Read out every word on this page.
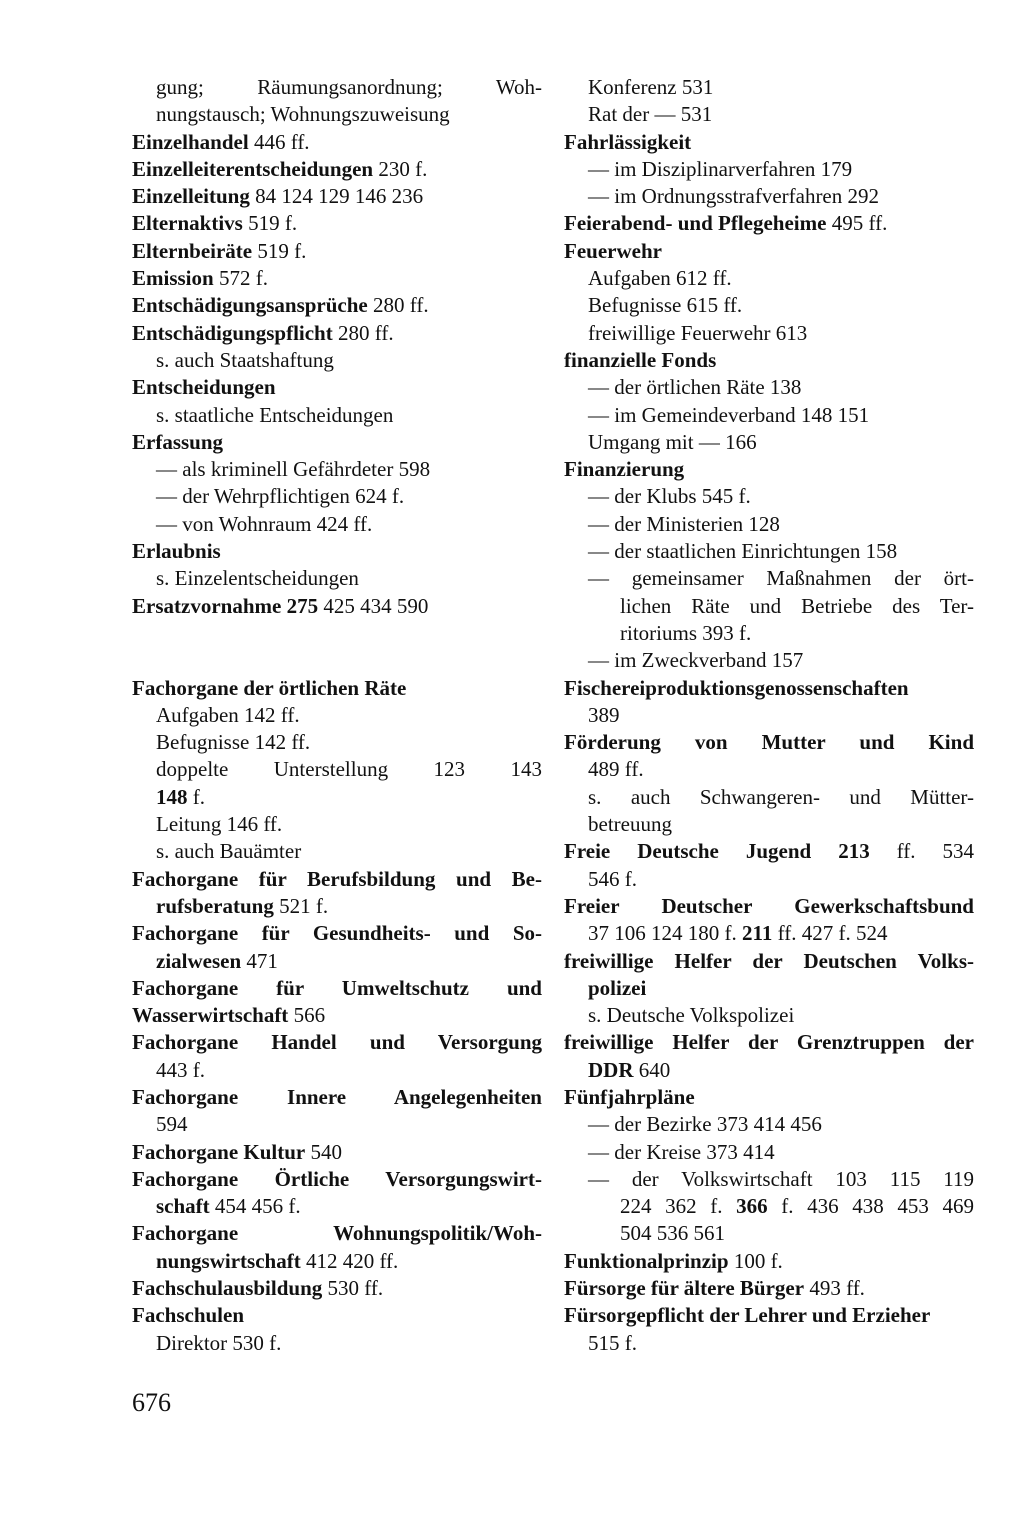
gung; Räumungsanordnung; Woh-
nungstausch; Wohnungszuweisung
Einzelhandel 446 ff.
Einzelleiterentscheidungen 230 f.
Einzelleitung 84 124 129 146 236
Elternaktivs 519 f.
Elternbeiräte 519 f.
Emission 572 f.
Entschädigungsansprüche 280 ff.
Entschädigungspflicht 280 ff.
s. auch Staatshaftung
Entscheidungen
s. staatliche Entscheidungen
Erfassung
— als kriminell Gefährdeter 598
— der Wehrpflichtigen 624 f.
— von Wohnraum 424 ff.
Erlaubnis
s. Einzelentscheidungen
Ersatzvornahme 275 425 434 590
Fachorgane der örtlichen Räte
Aufgaben 142 ff.
Befugnisse 142 ff.
doppelte Unterstellung 123 143
148 f.
Leitung 146 ff.
s. auch Bauämter
Fachorgane für Berufsbildung und Be-
rufsberatung 521 f.
Fachorgane für Gesundheits- und So-
zialwesen 471
Fachorgane für Umweltschutz und
Wasserwirtschaft 566
Fachorgane Handel und Versorgung
443 f.
Fachorgane Innere Angelegenheiten
594
Fachorgane Kultur 540
Fachorgane Örtliche Versorgungswirt-
schaft 454 456 f.
Fachorgane Wohnungspolitik/Woh-
nungswirtschaft 412 420 ff.
Fachschulausbildung 530 ff.
Fachschulen
Direktor 530 f.
Konferenz 531
Rat der — 531
Fahrlässigkeit
— im Disziplinarverfahren 179
— im Ordnungsstrafverfahren 292
Feierabend- und Pflegeheime 495 ff.
Feuerwehr
Aufgaben 612 ff.
Befugnisse 615 ff.
freiwillige Feuerwehr 613
finanzielle Fonds
— der örtlichen Räte 138
— im Gemeindeverband 148 151
Umgang mit — 166
Finanzierung
— der Klubs 545 f.
— der Ministerien 128
— der staatlichen Einrichtungen 158
— gemeinsamer Maßnahmen der ört-
lichen Räte und Betriebe des Ter-
ritoriums 393 f.
— im Zweckverband 157
Fischereiproduktionsgenossenschaften
389
Förderung von Mutter und Kind
489 ff.
s. auch Schwangeren- und Mütter-
betreuung
Freie Deutsche Jugend 213 ff. 534
546 f.
Freier Deutscher Gewerkschaftsbund
37 106 124 180 f. 211 ff. 427 f. 524
freiwillige Helfer der Deutschen Volks-
polizei
s. Deutsche Volkspolizei
freiwillige Helfer der Grenztruppen der
DDR 640
Fünfjahrpläne
— der Bezirke 373 414 456
— der Kreise 373 414
— der Volkswirtschaft 103 115 119
224 362 f. 366 f. 436 438 453 469
504 536 561
Funktionalprinzip 100 f.
Fürsorge für ältere Bürger 493 ff.
Fürsorgepflicht der Lehrer und Erzieher
515 f.
676
